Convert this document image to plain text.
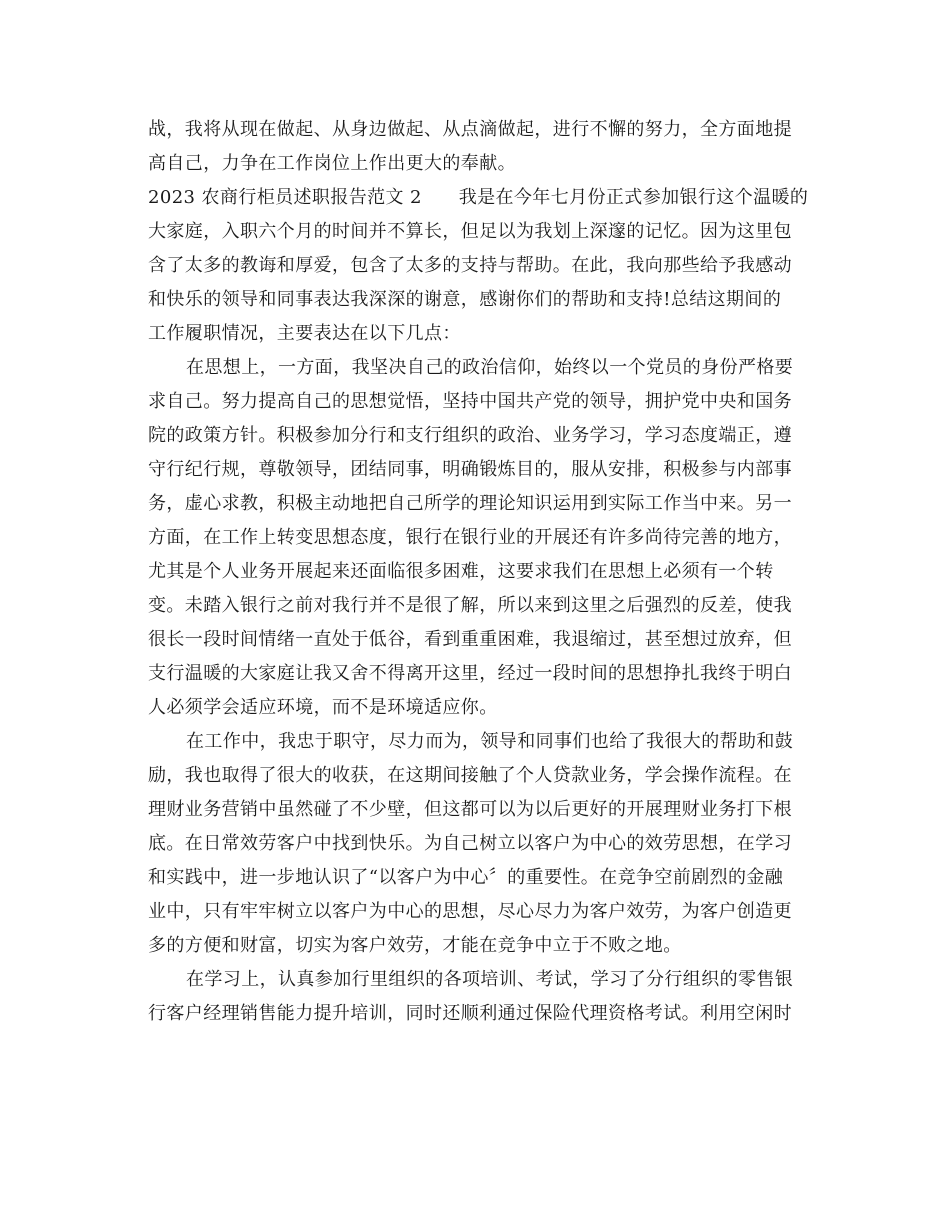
战，我将从现在做起、从身边做起、从点滴做起，进行不懈的努力，全方面地提
高自己，力争在工作岗位上作出更大的奉献。
2023 农商行柜员述职报告范文 2　　我是在今年七月份正式参加银行这个温暖的
大家庭，入职六个月的时间并不算长，但足以为我划上深邃的记忆。因为这里包
含了太多的教诲和厚爱，包含了太多的支持与帮助。在此，我向那些给予我感动
和快乐的领导和同事表达我深深的谢意，感谢你们的帮助和支持!总结这期间的
工作履职情况，主要表达在以下几点：
在思想上，一方面，我坚决自己的政治信仰，始终以一个党员的身份严格要
求自己。努力提高自己的思想觉悟，坚持中国共产党的领导，拥护党中央和国务
院的政策方针。积极参加分行和支行组织的政治、业务学习，学习态度端正，遵
守行纪行规，尊敬领导，团结同事，明确锻炼目的，服从安排，积极参与内部事
务，虚心求教，积极主动地把自己所学的理论知识运用到实际工作当中来。另一
方面，在工作上转变思想态度，银行在银行业的开展还有许多尚待完善的地方，
尤其是个人业务开展起来还面临很多困难，这要求我们在思想上必须有一个转
变。未踏入银行之前对我行并不是很了解，所以来到这里之后强烈的反差，使我
很长一段时间情绪一直处于低谷，看到重重困难，我退缩过，甚至想过放弃，但
支行温暖的大家庭让我又舍不得离开这里，经过一段时间的思想挣扎我终于明白
人必须学会适应环境，而不是环境适应你。
在工作中，我忠于职守，尽力而为，领导和同事们也给了我很大的帮助和鼓
励，我也取得了很大的收获，在这期间接触了个人贷款业务，学会操作流程。在
理财业务营销中虽然碰了不少壁，但这都可以为以后更好的开展理财业务打下根
底。在日常效劳客户中找到快乐。为自己树立以客户为中心的效劳思想，在学习
和实践中，进一步地认识了“以客户为中心〞的重要性。在竞争空前剧烈的金融
业中，只有牢牢树立以客户为中心的思想，尽心尽力为客户效劳，为客户创造更
多的方便和财富，切实为客户效劳，才能在竞争中立于不败之地。
在学习上，认真参加行里组织的各项培训、考试，学习了分行组织的零售银
行客户经理销售能力提升培训，同时还顺利通过保险代理资格考试。利用空闲时
